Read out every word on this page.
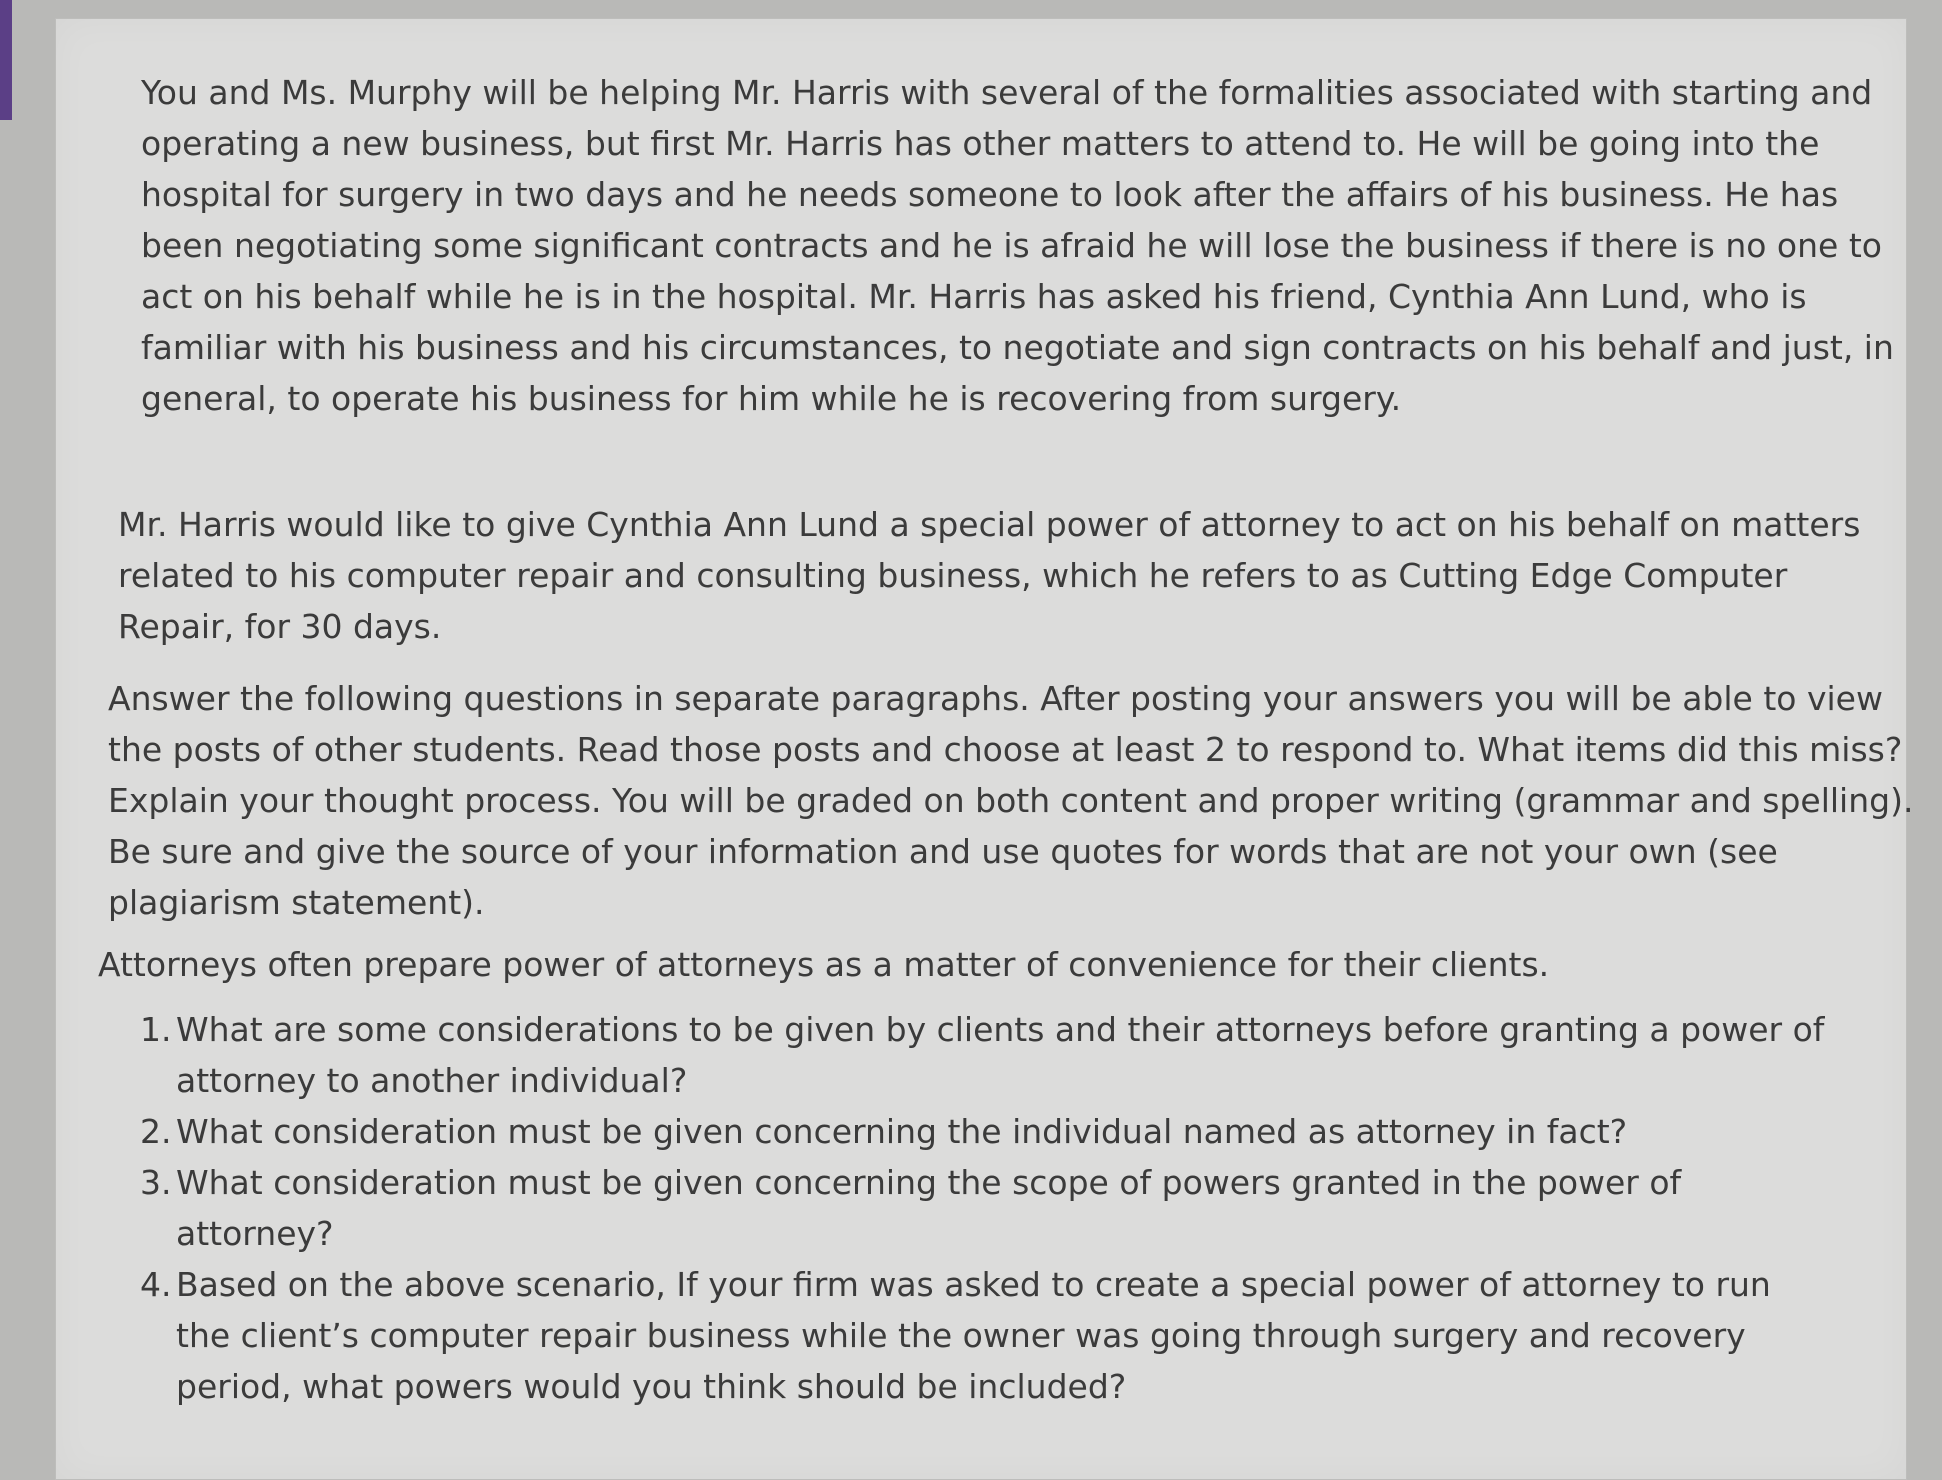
You and Ms. Murphy will be helping Mr. Harris with several of the formalities associated with starting and operating a new business, but first Mr. Harris has other matters to attend to. He will be going into the hospital for surgery in two days and he needs someone to look after the affairs of his business. He has been negotiating some significant contracts and he is afraid he will lose the business if there is no one to act on his behalf while he is in the hospital. Mr. Harris has asked his friend, Cynthia Ann Lund, who is familiar with his business and his circumstances, to negotiate and sign contracts on his behalf and just, in general, to operate his business for him while he is recovering from surgery.

Mr. Harris would like to give Cynthia Ann Lund a special power of attorney to act on his behalf on matters related to his computer repair and consulting business, which he refers to as Cutting Edge Computer Repair, for 30 days.

Answer the following questions in separate paragraphs. After posting your answers you will be able to view the posts of other students. Read those posts and choose at least 2 to respond to. What items did this miss? Explain your thought process. You will be graded on both content and proper writing (grammar and spelling). Be sure and give the source of your information and use quotes for words that are not your own (see plagiarism statement).

Attorneys often prepare power of attorneys as a matter of convenience for their clients.

1. What are some considerations to be given by clients and their attorneys before granting a power of attorney to another individual?
2. What consideration must be given concerning the individual named as attorney in fact?
3. What consideration must be given concerning the scope of powers granted in the power of attorney?
4. Based on the above scenario, If your firm was asked to create a special power of attorney to run the client’s computer repair business while the owner was going through surgery and recovery period, what powers would you think should be included?
